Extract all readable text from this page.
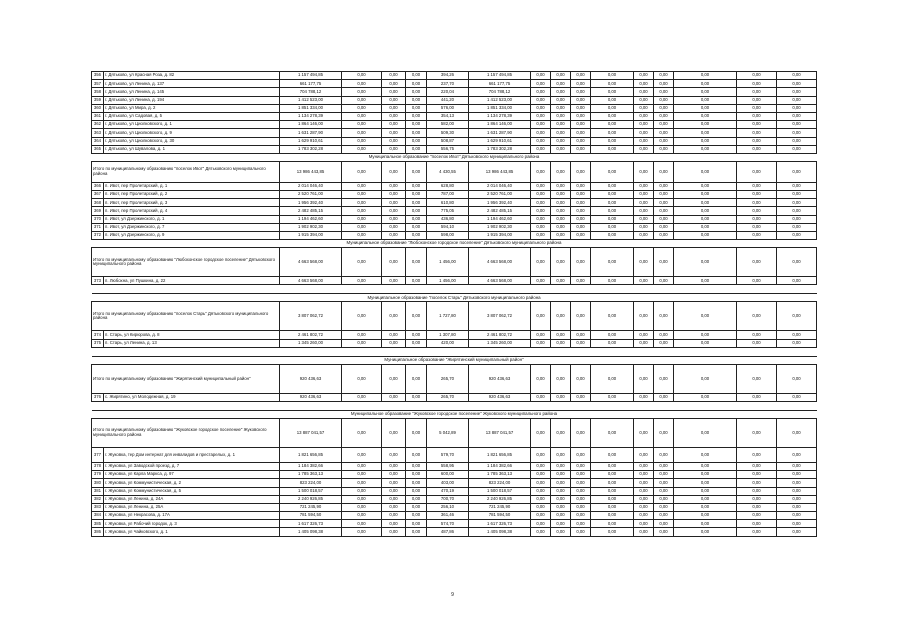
356	г. Дятьково, ул Красная Роза, д. 82	1 157 494,85	0,00	0,00	0,00	394,26	1 157 494,85	0,00	0,00	0,00	0,00	0,00	0,00	0,00	0,00	0,00
357	г. Дятьково, ул Ленина, д. 137	661 177,75	0,00	0,00	0,00	237,70	661 177,75	0,00	0,00	0,00	0,00	0,00	0,00	0,00	0,00	0,00
358	г. Дятьково, ул Ленина, д. 145	704 788,12	0,00	0,00	0,00	220,04	704 788,12	0,00	0,00	0,00	0,00	0,00	0,00	0,00	0,00	0,00
359	г. Дятьково, ул Ленина, д. 194	1 412 523,00	0,00	0,00	0,00	441,20	1 412 523,00	0,00	0,00	0,00	0,00	0,00	0,00	0,00	0,00	0,00
360	г. Дятьково, ул Мира, д. 2	1 851 334,00	0,00	0,00	0,00	576,00	1 851 334,00	0,00	0,00	0,00	0,00	0,00	0,00	0,00	0,00	0,00
361	г. Дятьково, ул Садовая, д. 5	1 134 278,39	0,00	0,00	0,00	354,13	1 134 278,39	0,00	0,00	0,00	0,00	0,00	0,00	0,00	0,00	0,00
362	г. Дятьково, ул Циолковского, д. 1	1 864 146,00	0,00	0,00	0,00	582,00	1 864 146,00	0,00	0,00	0,00	0,00	0,00	0,00	0,00	0,00	0,00
363	г. Дятьково, ул Циолковского, д. 9	1 631 287,90	0,00	0,00	0,00	509,30	1 631 287,90	0,00	0,00	0,00	0,00	0,00	0,00	0,00	0,00	0,00
364	г. Дятьково, ул Циолковского, д. 30	1 629 910,61	0,00	0,00	0,00	508,87	1 629 910,61	0,00	0,00	0,00	0,00	0,00	0,00	0,00	0,00	0,00
365	г. Дятьково, ул Шуваловa, д. 1	1 783 302,28	0,00	0,00	0,00	556,75	1 783 302,28	0,00	0,00	0,00	0,00	0,00	0,00	0,00	0,00	0,00
Муниципальное образование "поселок Ивот" Дятьковского муниципального района																
Итого по муниципальному образованию "поселок Ивот" Дятьковского муниципального района		13 986 443,85	0,00	0,00	0,00	4 430,55	13 986 443,85	0,00	0,00	0,00	0,00	0,00	0,00	0,00	0,00	0,00
366	п. Ивот, пер Пролетарский, д. 1	2 014 046,40	0,00	0,00	0,00	628,80	2 014 046,40	0,00	0,00	0,00	0,00	0,00	0,00	0,00	0,00	0,00
367	п. Ивот, пер Пролетарский, д. 2	2 520 761,00	0,00	0,00	0,00	787,00	2 520 761,00	0,00	0,00	0,00	0,00	0,00	0,00	0,00	0,00	0,00
368	п. Ивот, пер Пролетарский, д. 3	1 956 392,40	0,00	0,00	0,00	610,80	1 956 392,40	0,00	0,00	0,00	0,00	0,00	0,00	0,00	0,00	0,00
369	п. Ивот, пер Пролетарский, д. 4	2 482 485,15	0,00	0,00	0,00	775,05	2 482 485,15	0,00	0,00	0,00	0,00	0,00	0,00	0,00	0,00	0,00
370	п. Ивот, ул Дзержинского, д. 1	1 194 462,60	0,00	0,00	0,00	436,80	1 194 462,60	0,00	0,00	0,00	0,00	0,00	0,00	0,00	0,00	0,00
371	п. Ивот, ул Дзержинского, д. 7	1 902 902,30	0,00	0,00	0,00	594,10	1 902 902,30	0,00	0,00	0,00	0,00	0,00	0,00	0,00	0,00	0,00
372	п. Ивот, ул Дзержинского, д. 9	1 915 394,00	0,00	0,00	0,00	598,00	1 915 394,00	0,00	0,00	0,00	0,00	0,00	0,00	0,00	0,00	0,00
Муниципальное образование "Любохонское городское поселение" Дятьковского муниципального района																
Итого по муниципальному образованию "Любохонское городское поселение" Дятьковского муниципального района		4 663 568,00	0,00	0,00	0,00	1 456,00	4 663 568,00	0,00	0,00	0,00	0,00	0,00	0,00	0,00	0,00	0,00
373	п. Любохна, ул Пушкина, д. 22	4 663 568,00	0,00	0,00	0,00	1 456,00	4 663 568,00	0,00	0,00	0,00	0,00	0,00	0,00	0,00	0,00	0,00

Муниципальное образование "поселок Старь" Дятьковского муниципального района																
Итого по муниципальному образованию "поселок Старь" Дятьковского муниципального района		3 807 062,72	0,00	0,00	0,00	1 727,80	3 807 062,72	0,00	0,00	0,00	0,00	0,00	0,00	0,00	0,00	0,00
374	п. Старь, ул Кирюрова, д. 8	2 461 802,72	0,00	0,00	0,00	1 307,80	2 461 802,72	0,00	0,00	0,00	0,00	0,00	0,00	0,00	0,00	0,00
375	п. Старь, ул Ленина, д. 13	1 345 260,00	0,00	0,00	0,00	420,00	1 345 260,00	0,00	0,00	0,00	0,00	0,00	0,00	0,00	0,00	0,00

Муниципальное образование "Жирятинский муниципальный район"																
Итого по муниципальному образованию "Жирятинский муниципальный район"		920 436,63	0,00	0,00	0,00	265,70	920 436,63	0,00	0,00	0,00	0,00	0,00	0,00	0,00	0,00	0,00
376	с. Жирятино, ул Молодежная, д. 19	920 436,63	0,00	0,00	0,00	265,70	920 436,63	0,00	0,00	0,00	0,00	0,00	0,00	0,00	0,00	0,00

Муниципальное образование "Жуковское городское поселение" Жуковского муниципального района																
Итого по муниципальному образованию "Жуковское городское поселение" Жуковского муниципального района		13 887 041,57	0,00	0,00	0,00	5 042,89	13 887 041,57	0,00	0,00	0,00	0,00	0,00	0,00	0,00	0,00	0,00
377	г. Жуковка, тер Дом интернат для инвалидов и престарелых, д. 1	1 821 656,85	0,00	0,00	0,00	579,70	1 821 656,85	0,00	0,00	0,00	0,00	0,00	0,00	0,00	0,00	0,00
378	г. Жуковка, ул Заводской проезд, д. 7	1 184 382,66	0,00	0,00	0,00	558,95	1 184 382,66	0,00	0,00	0,00	0,00	0,00	0,00	0,00	0,00	0,00
379	г. Жуковка, ул Карла Маркса, д. 97	1 785 363,13	0,00	0,00	0,00	600,00	1 785 363,13	0,00	0,00	0,00	0,00	0,00	0,00	0,00	0,00	0,00
380	г. Жуковка, ул Коммунистическая, д. 2	823 224,00	0,00	0,00	0,00	403,00	823 224,00	0,00	0,00	0,00	0,00	0,00	0,00	0,00	0,00	0,00
381	г. Жуковка, ул Коммунистическая, д. 5	1 500 018,57	0,00	0,00	0,00	470,19	1 500 018,57	0,00	0,00	0,00	0,00	0,00	0,00	0,00	0,00	0,00
382	г. Жуковка, ул Ленина, д. 24А	2 240 926,85	0,00	0,00	0,00	700,70	2 240 926,85	0,00	0,00	0,00	0,00	0,00	0,00	0,00	0,00	0,00
383	г. Жуковка, ул Ленина, д. 25А	721 245,90	0,00	0,00	0,00	256,10	721 245,90	0,00	0,00	0,00	0,00	0,00	0,00	0,00	0,00	0,00
384	г. Жуковка, ул Некрасова, д. 17А	781 594,50	0,00	0,00	0,00	361,46	781 594,50	0,00	0,00	0,00	0,00	0,00	0,00	0,00	0,00	0,00
385	г. Жуковка, ул Рабочий городок, д. 3	1 617 326,73	0,00	0,00	0,00	574,70	1 617 326,73	0,00	0,00	0,00	0,00	0,00	0,00	0,00	0,00	0,00
386	г. Жуковка, ул Чайковского, д. 1	1 405 098,38	0,00	0,00	0,00	487,86	1 405 098,38	0,00	0,00	0,00	0,00	0,00	0,00	0,00	0,00	0,00
9
